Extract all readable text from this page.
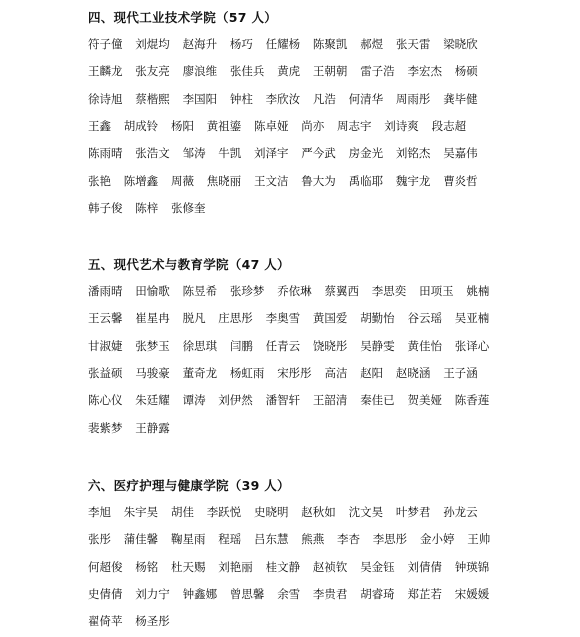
四、现代工业技术学院（57 人）
符子僮 刘焜均 赵海升 杨巧 任耀杨 陈聚凯 郝煜 张天雷 梁晓欣
王麟龙 张友亮 廖浪维 张佳兵 黄虎 王朝朝 雷子浩 李宏杰 杨硕
徐诗旭 蔡楷熙 李国阳 钟柱 李欣汝 凡浩 何清华 周雨彤 龚毕健
王鑫 胡成铃 杨阳 黄祖鎏 陈卓娅 尚亦 周志宇 刘诗爽 段志超
陈雨晴 张浩文 邹涛 牛凯 刘泽宇 严今武 房金光 刘铭杰 吴嘉伟
张艳 陈增鑫 周薇 焦晓丽 王文洁 鲁大为 禹临耶 魏宇龙 曹炎哲
韩子俊 陈梓 张修奎
五、现代艺术与教育学院（47 人）
潘雨晴 田愉歌 陈昱希 张珍梦 乔依琳 蔡翼西 李思奕 田项玉 姚楠
王云馨 崔星冉 脱凡 庄思彤 李奥雪 黄国爱 胡勤怡 谷云瑶 吴亚楠
甘淑婕 张梦玉 徐思琪 闫鹏 任青云 饶晓彤 吴静雯 黄佳怡 张译心
张益硕 马骏豪 董奇龙 杨虹雨 宋彤彤 高洁 赵阳 赵晓涵 王子涵
陈心仪 朱廷耀 谭涛 刘伊然 潘智轩 王韶清 秦佳已 贺美娅 陈香莲
裴紫梦 王静露
六、医疗护理与健康学院（39 人）
李旭 朱宇昊 胡佳 李跃悦 史晓明 赵秋如 沈文昊 叶梦君 孙龙云
张彤 蒲佳馨 鞠星雨 程瑶 吕东慧 熊燕 李杏 李思彤 金小婷 王帅
何超俊 杨铭 杜天赐 刘艳丽 桂文静 赵祯钦 吴金钰 刘倩倩 钟瑛锦
史倩倩 刘力宁 钟鑫娜 曾思馨 余雪 李贵君 胡睿琦 郑芷若 宋媛媛
翟倚苹 杨圣彤
